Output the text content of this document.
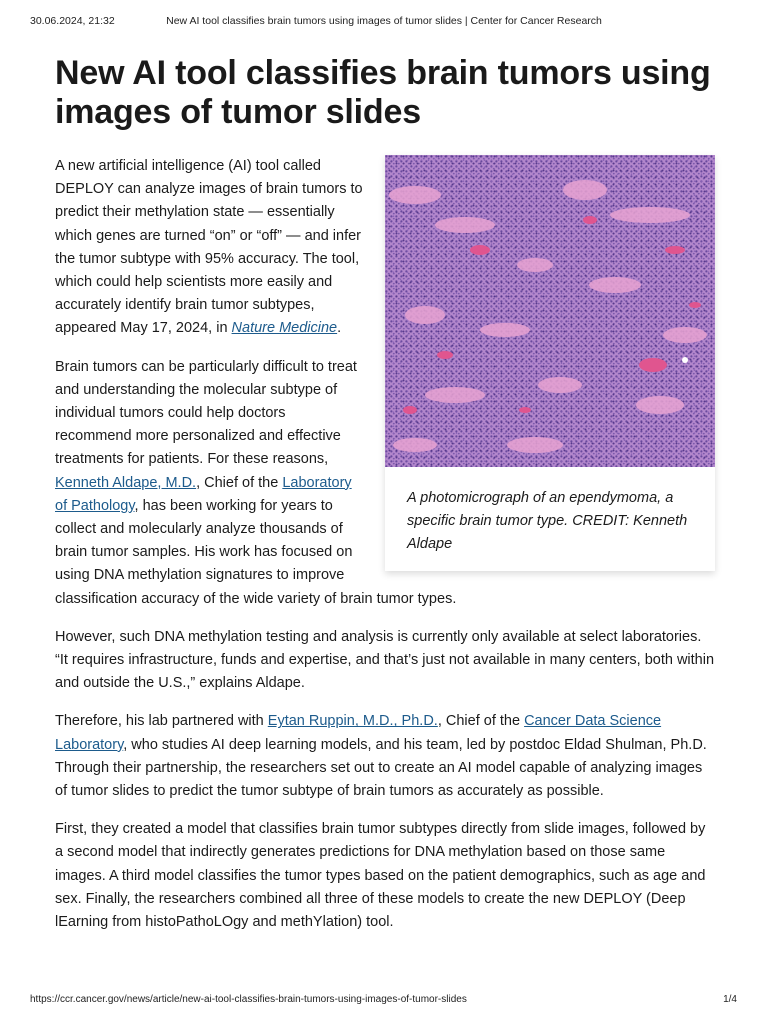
New AI tool classifies brain tumors using images of tumor slides | Center for Cancer Research
30.06.2024, 21:32
New AI tool classifies brain tumors using images of tumor slides
A photomicrograph of an ependymoma, a specific brain tumor type. CREDIT: Kenneth Aldape

A new artificial intelligence (AI) tool called DEPLOY can analyze images of brain tumors to predict their methylation state — essentially which genes are turned “on” or “off” — and infer the tumor subtype with 95% accuracy. The tool, which could help scientists more easily and accurately identify brain tumor subtypes, appeared May 17, 2024, in Nature Medicine.

Brain tumors can be particularly difficult to treat and understanding the molecular subtype of individual tumors could help doctors recommend more personalized and effective treatments for patients. For these reasons, Kenneth Aldape, M.D., Chief of the Laboratory of Pathology, has been working for years to collect and molecularly analyze thousands of brain tumor samples. His work has focused on using DNA methylation signatures to improve classification accuracy of the wide variety of brain tumor types.

However, such DNA methylation testing and analysis is currently only available at select laboratories. “It requires infrastructure, funds and expertise, and that’s just not available in many centers, both within and outside the U.S.,” explains Aldape.

Therefore, his lab partnered with Eytan Ruppin, M.D., Ph.D., Chief of the Cancer Data Science Laboratory, who studies AI deep learning models, and his team, led by postdoc Eldad Shulman, Ph.D. Through their partnership, the researchers set out to create an AI model capable of analyzing images of tumor slides to predict the tumor subtype of brain tumors as accurately as possible.

First, they created a model that classifies brain tumor subtypes directly from slide images, followed by a second model that indirectly generates predictions for DNA methylation based on those same images. A third model classifies the tumor types based on the patient demographics, such as age and sex. Finally, the researchers combined all three of these models to create the new DEPLOY (Deep lEarning from histoPathoLOgy and methYlation) tool.

https://ccr.cancer.gov/news/article/new-ai-tool-classifies-brain-tumors-using-images-of-tumor-slides	1/4
